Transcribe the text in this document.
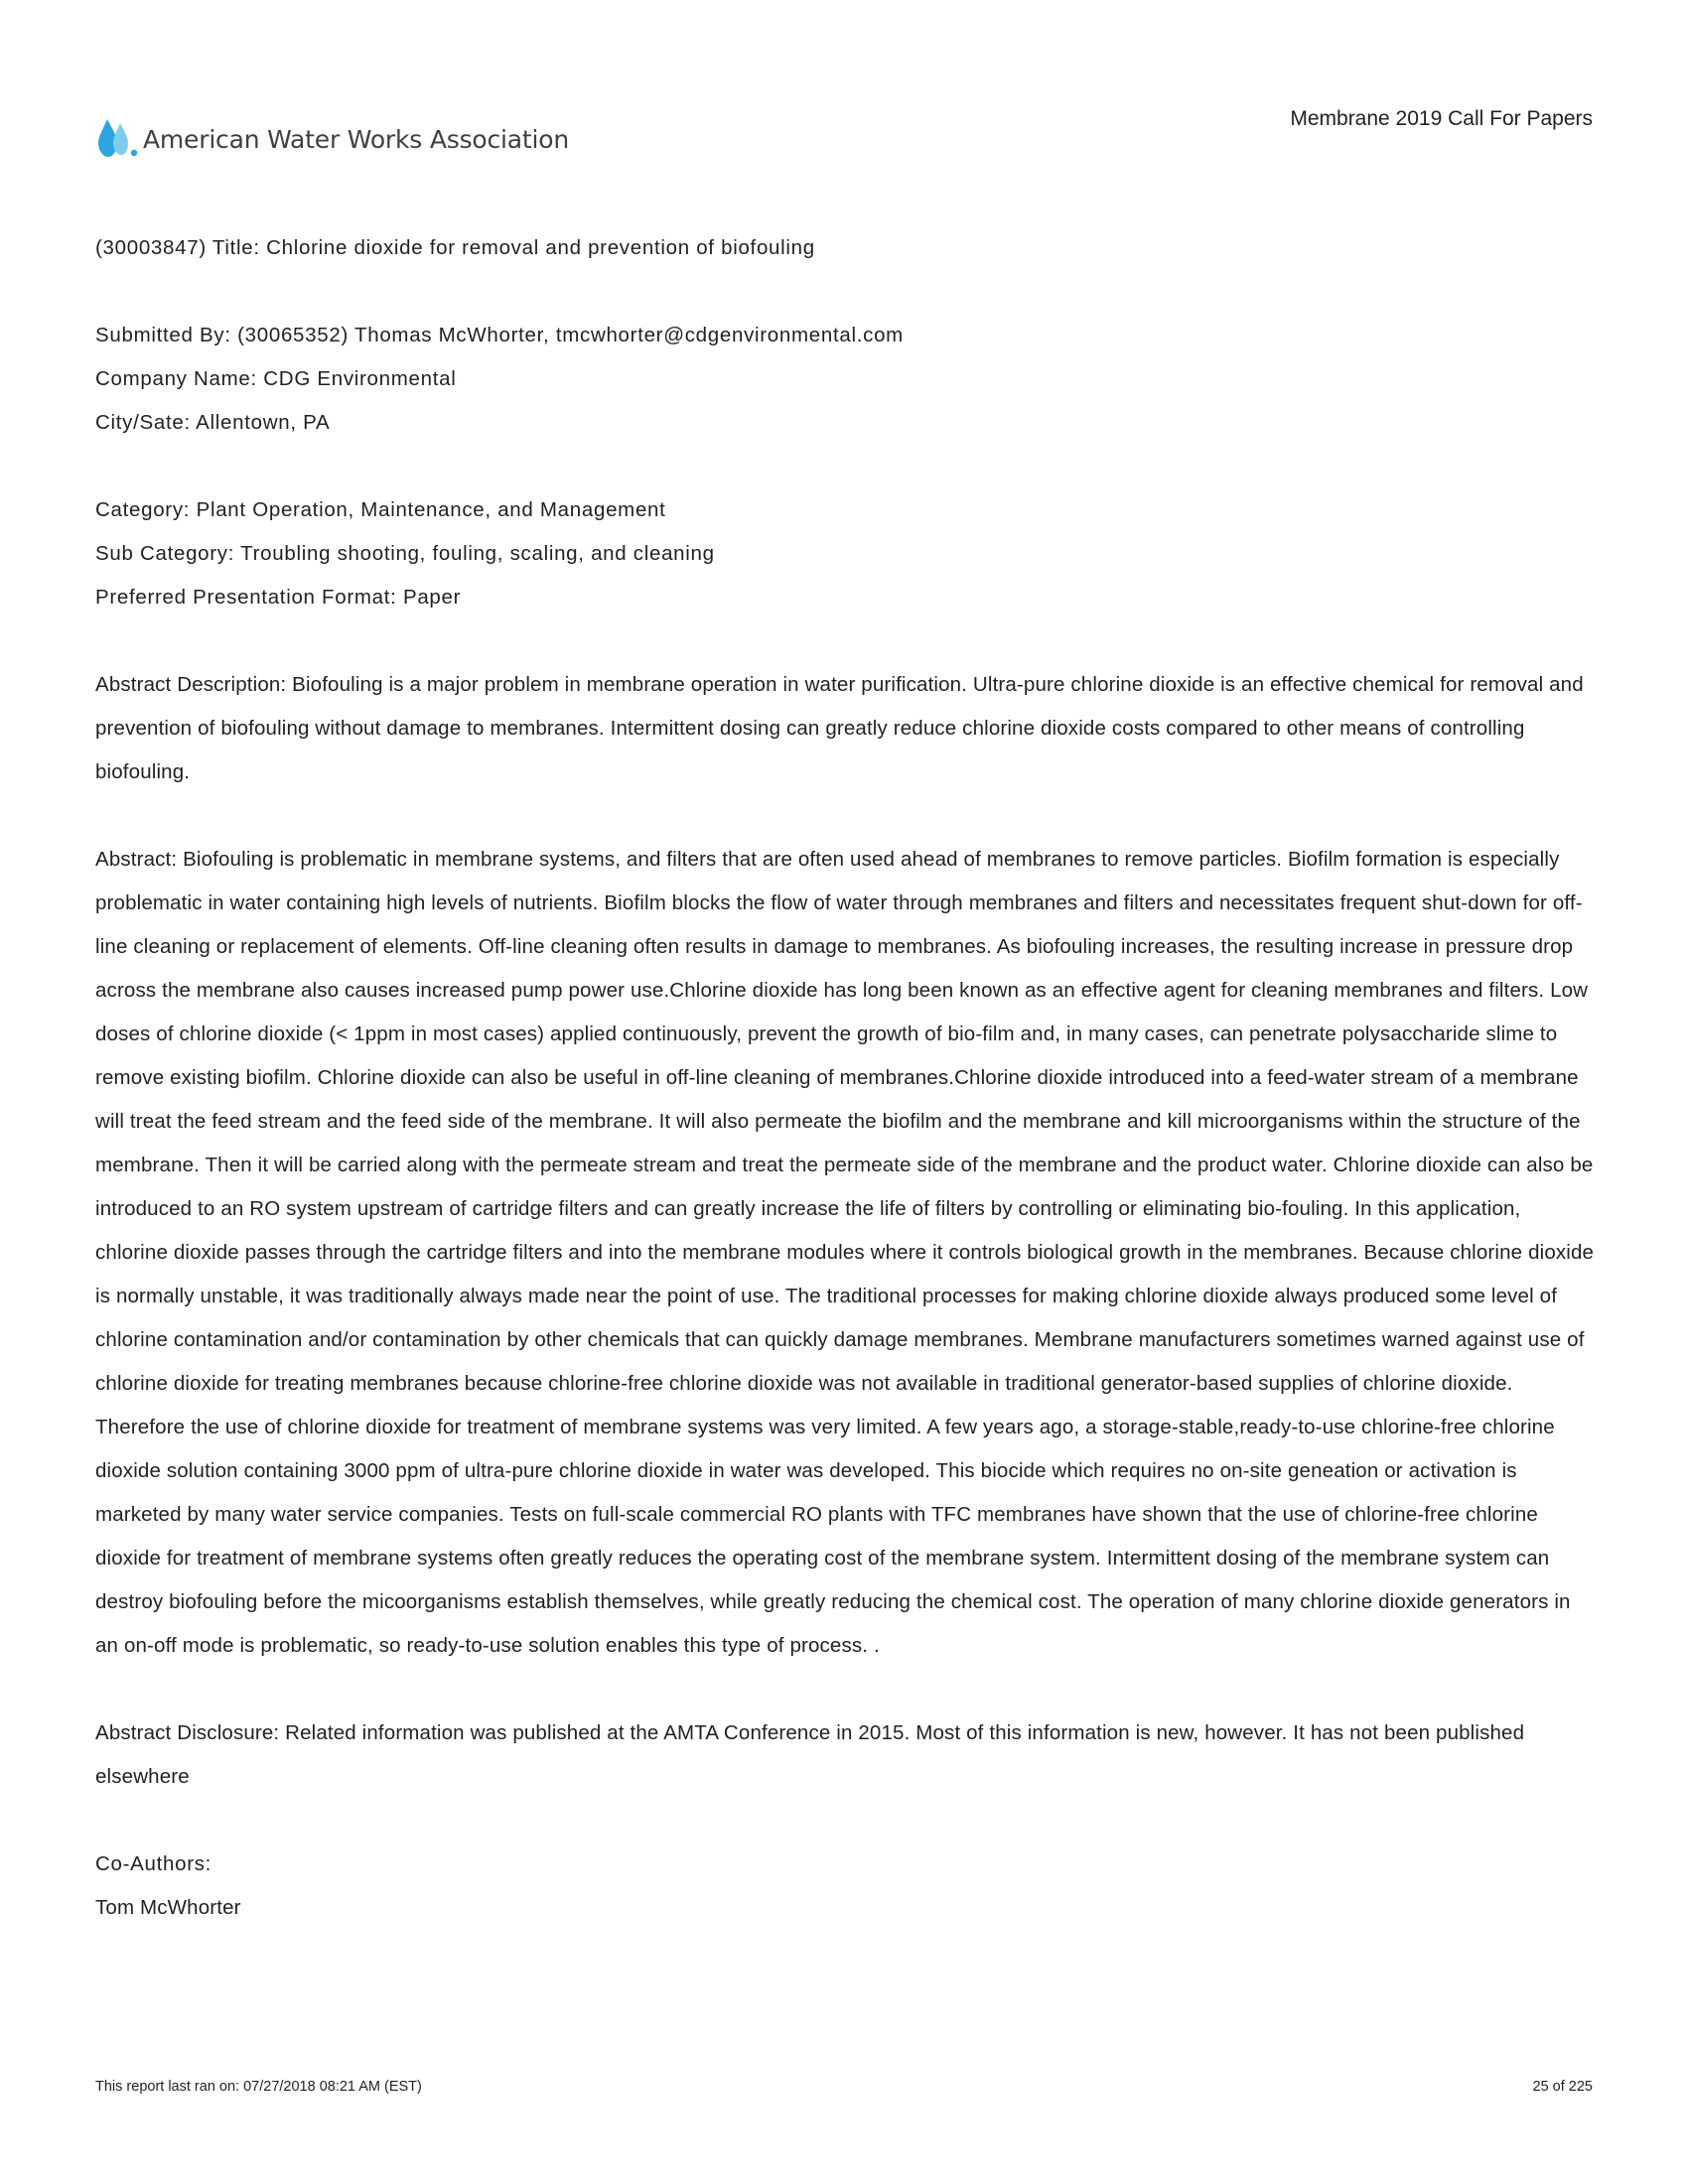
American Water Works Association
Membrane 2019 Call For Papers

(30003847) Title: Chlorine dioxide for removal and prevention of biofouling

Submitted By: (30065352) Thomas McWhorter, tmcwhorter@cdgenvironmental.com

Company Name: CDG Environmental

City/Sate: Allentown, PA

Category: Plant Operation, Maintenance, and Management

Sub Category: Troubling shooting, fouling, scaling, and cleaning

Preferred Presentation Format: Paper

Abstract Description: Biofouling is a major problem in membrane operation in water purification. Ultra-pure chlorine dioxide is an effective chemical for removal and prevention of biofouling without damage to membranes. Intermittent dosing can greatly reduce chlorine dioxide costs compared to other means of controlling biofouling.

Abstract: Biofouling is problematic in membrane systems, and filters that are often used ahead of membranes to remove particles. Biofilm formation is especially problematic in water containing high levels of nutrients. Biofilm blocks the flow of water through membranes and filters and necessitates frequent shut-down for off-line cleaning or replacement of elements. Off-line cleaning often results in damage to membranes. As biofouling increases, the resulting increase in pressure drop across the membrane also causes increased pump power use.Chlorine dioxide has long been known as an effective agent for cleaning membranes and filters. Low doses of chlorine dioxide (< 1ppm in most cases) applied continuously, prevent the growth of bio-film and, in many cases, can penetrate polysaccharide slime to remove existing biofilm. Chlorine dioxide can also be useful in off-line cleaning of membranes.Chlorine dioxide introduced into a feed-water stream of a membrane will treat the feed stream and the feed side of the membrane. It will also permeate the biofilm and the membrane and kill microorganisms within the structure of the membrane. Then it will be carried along with the permeate stream and treat the permeate side of the membrane and the product water. Chlorine dioxide can also be introduced to an RO system upstream of cartridge filters and can greatly increase the life of filters by controlling or eliminating bio-fouling. In this application, chlorine dioxide passes through the cartridge filters and into the membrane modules where it controls biological growth in the membranes. Because chlorine dioxide is normally unstable, it was traditionally always made near the point of use. The traditional processes for making chlorine dioxide always produced some level of chlorine contamination and/or contamination by other chemicals that can quickly damage membranes. Membrane manufacturers sometimes warned against use of chlorine dioxide for treating membranes because chlorine-free chlorine dioxide was not available in traditional generator-based supplies of chlorine dioxide. Therefore the use of chlorine dioxide for treatment of membrane systems was very limited. A few years ago, a storage-stable,ready-to-use chlorine-free chlorine dioxide solution containing 3000 ppm of ultra-pure chlorine dioxide in water was developed. This biocide which requires no on-site geneation or activation is marketed by many water service companies. Tests on full-scale commercial RO plants with TFC membranes have shown that the use of chlorine-free chlorine dioxide for treatment of membrane systems often greatly reduces the operating cost of the membrane system. Intermittent dosing of the membrane system can destroy biofouling before the micoorganisms establish themselves, while greatly reducing the chemical cost. The operation of many chlorine dioxide generators in an on-off mode is problematic, so ready-to-use solution enables this type of process. .

Abstract Disclosure: Related information was published at the AMTA Conference in 2015. Most of this information is new, however. It has not been published elsewhere

Co-Authors:

Tom McWhorter

This report last ran on: 07/27/2018 08:21 AM (EST)	25 of 225
